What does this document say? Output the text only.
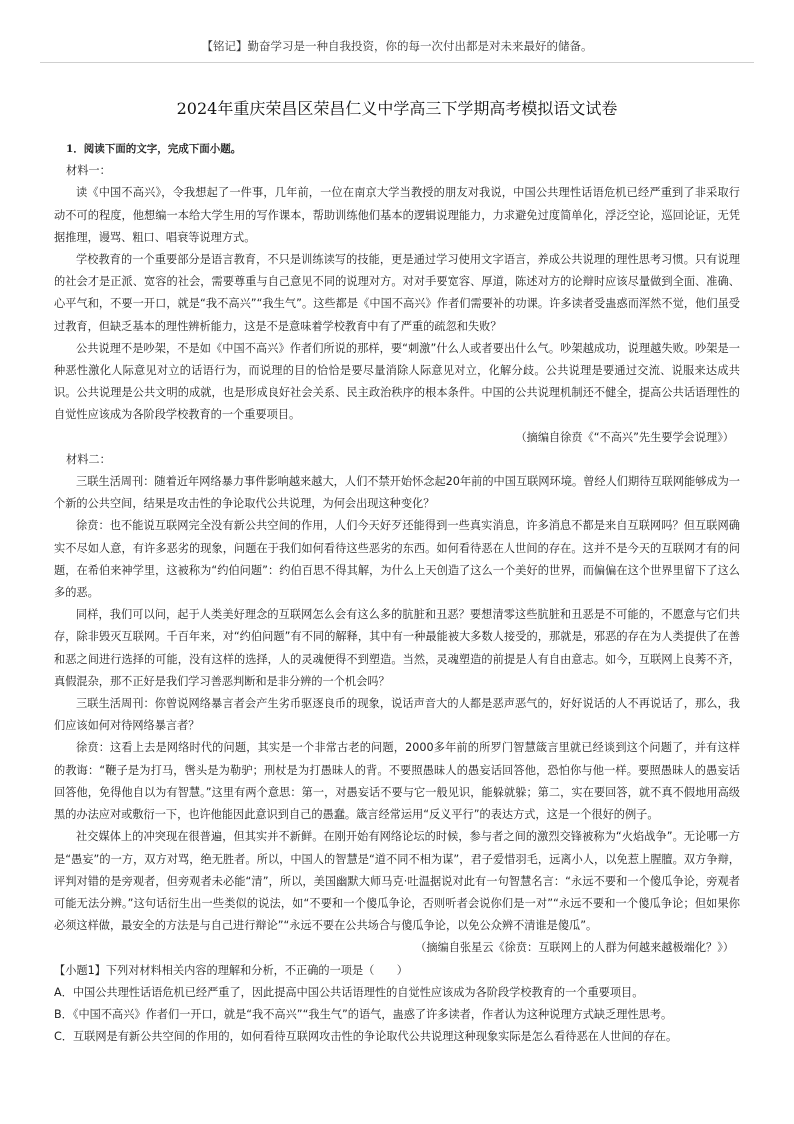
【铭记】勤奋学习是一种自我投资，你的每一次付出都是对未来最好的储备。
2024年重庆荣昌区荣昌仁义中学高三下学期高考模拟语文试卷

1．阅读下面的文字，完成下面小题。

材料一：

读《中国不高兴》，令我想起了一件事，几年前，一位在南京大学当教授的朋友对我说，中国公共理性话语危机已经严重到了非采取行动不可的程度，他想编一本给大学生用的写作课本，帮助训练他们基本的逻辑说理能力，力求避免过度简单化，浮泛空论，巡回论证，无凭据推理，谩骂、粗口、唱衰等说理方式。

学校教育的一个重要部分是语言教育，不只是训练读写的技能，更是通过学习使用文字语言，养成公共说理的理性思考习惯。只有说理的社会才是正派、宽容的社会，需要尊重与自己意见不同的说理对方。对对手要宽容、厚道，陈述对方的论辩时应该尽量做到全面、准确、心平气和，不要一开口，就是“我不高兴”“我生气”。这些都是《中国不高兴》作者们需要补的功课。许多读者受蛊惑而浑然不觉，他们虽受过教育，但缺乏基本的理性辨析能力，这是不是意味着学校教育中有了严重的疏忽和失败？

公共说理不是吵架，不是如《中国不高兴》作者们所说的那样，要“刺激”什么人或者要出什么气。吵架越成功，说理越失败。吵架是一种恶性激化人际意见对立的话语行为，而说理的目的恰恰是要尽量消除人际意见对立，化解分歧。公共说理是要通过交流、说服来达成共识。公共说理是公共文明的成就，也是形成良好社会关系、民主政治秩序的根本条件。中国的公共说理机制还不健全，提高公共话语理性的自觉性应该成为各阶段学校教育的一个重要项目。

（摘编自徐贲《“不高兴”先生要学会说理》）

材料二：

三联生活周刊：随着近年网络暴力事件影响越来越大，人们不禁开始怀念起20年前的中国互联网环境。曾经人们期待互联网能够成为一个新的公共空间，结果是攻击性的争论取代公共说理，为何会出现这种变化？

徐贲：也不能说互联网完全没有新公共空间的作用，人们今天好歹还能得到一些真实消息，许多消息不都是来自互联网吗？但互联网确实不尽如人意，有许多恶劣的现象，问题在于我们如何看待这些恶劣的东西。如何看待恶在人世间的存在。这并不是今天的互联网才有的问题，在希伯来神学里，这被称为“约伯问题”：约伯百思不得其解，为什么上天创造了这么一个美好的世界，而偏偏在这个世界里留下了这么多的恶。

同样，我们可以问，起于人类美好理念的互联网怎么会有这么多的肮脏和丑恶？要想清零这些肮脏和丑恶是不可能的，不愿意与它们共存，除非毁灭互联网。千百年来，对“约伯问题”有不同的解释，其中有一种最能被大多数人接受的，那就是，邪恶的存在为人类提供了在善和恶之间进行选择的可能，没有这样的选择，人的灵魂便得不到塑造。当然，灵魂塑造的前提是人有自由意志。如今，互联网上良莠不齐，真假混杂，那不正好是我们学习善恶判断和是非分辨的一个机会吗？

三联生活周刊：你曾说网络暴言者会产生劣币驱逐良币的现象，说话声音大的人都是恶声恶气的，好好说话的人不再说话了，那么，我们应该如何对待网络暴言者？

徐贲：这看上去是网络时代的问题，其实是一个非常古老的问题，2000多年前的所罗门智慧箴言里就已经谈到这个问题了，并有这样的教诲：“鞭子是为打马，辔头是为勒驴；刑杖是为打愚昧人的背。不要照愚昧人的愚妄话回答他，恐怕你与他一样。要照愚昧人的愚妄话回答他，免得他自以为有智慧。”这里有两个意思：第一，对愚妄话不要与它一般见识，能躲就躲；第二，实在要回答，就不真不假地用高级黑的办法应对或敷衍一下，也许他能因此意识到自己的愚蠢。箴言经常运用“反义平行”的表达方式，这是一个很好的例子。

社交媒体上的冲突现在很普遍，但其实并不新鲜。在刚开始有网络论坛的时候，参与者之间的激烈交锋被称为“火焰战争”。无论哪一方是“愚妄”的一方，双方对骂，绝无胜者。所以，中国人的智慧是“道不同不相为谋”，君子爱惜羽毛，远离小人，以免惹上腥膻。双方争辩，评判对错的是旁观者，但旁观者未必能“清”，所以，美国幽默大师马克·吐温据说对此有一句智慧名言：“永远不要和一个傻瓜争论，旁观者可能无法分辨。”这句话衍生出一些类似的说法，如“不要和一个傻瓜争论，否则听者会说你们是一对”“永远不要和一个傻瓜争论；但如果你必须这样做，最安全的方法是与自己进行辩论”“永远不要在公共场合与傻瓜争论，以免公众辨不清谁是傻瓜”。

（摘编自张星云《徐贲：互联网上的人群为何越来越极端化？》）

【小题1】下列对材料相关内容的理解和分析，不正确的一项是（　　）

A．中国公共理性话语危机已经严重了，因此提高中国公共话语理性的自觉性应该成为各阶段学校教育的一个重要项目。

B．《中国不高兴》作者们一开口，就是“我不高兴”“我生气”的语气，蛊惑了许多读者，作者认为这种说理方式缺乏理性思考。

C．互联网是有新公共空间的作用的，如何看待互联网攻击性的争论取代公共说理这种现象实际是怎么看待恶在人世间的存在。
